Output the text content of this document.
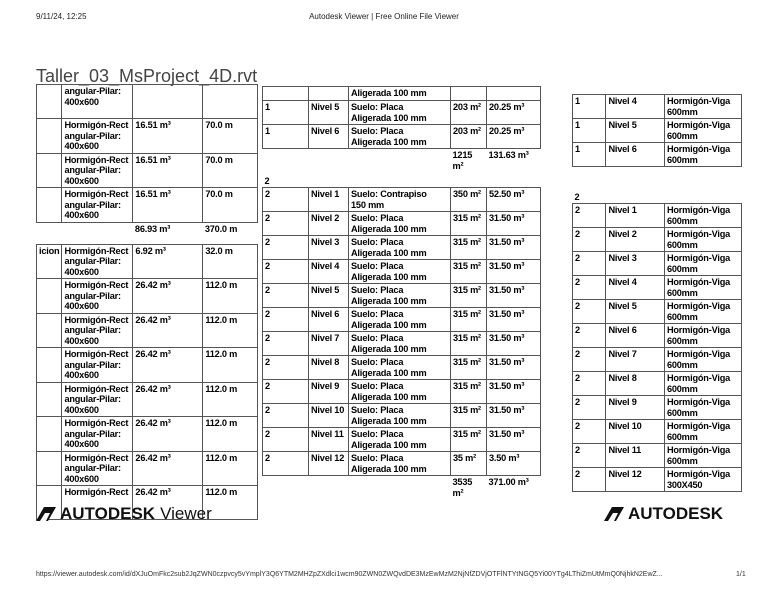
9/11/24, 12:25	Autodesk Viewer | Free Online File Viewer
Taller_03_MsProject_4D.rvt
	angular-Pilar:
400x600		
	Hormigón-Rect
angular-Pilar:
400x600	16.51 m³	70.0 m
	Hormigón-Rect
angular-Pilar:
400x600	16.51 m³	70.0 m
	Hormigón-Rect
angular-Pilar:
400x600	16.51 m³	70.0 m
		86.93 m³	370.0 m
icion	Hormigón-Rect
angular-Pilar:
400x600	6.92 m³	32.0 m
	Hormigón-Rect
angular-Pilar:
400x600	26.42 m³	112.0 m
	Hormigón-Rect
angular-Pilar:
400x600	26.42 m³	112.0 m
	Hormigón-Rect
angular-Pilar:
400x600	26.42 m³	112.0 m
	Hormigón-Rect
angular-Pilar:
400x600	26.42 m³	112.0 m
	Hormigón-Rect
angular-Pilar:
400x600	26.42 m³	112.0 m
	Hormigón-Rect
angular-Pilar:
400x600	26.42 m³	112.0 m
	Hormigón-Rect	26.42 m³	112.0 m
		Aligerada 100 mm		
1	Nivel 5	Suelo: Placa
Aligerada 100 mm	203 m²	20.25 m³
1	Nivel 6	Suelo: Placa
Aligerada 100 mm	203 m²	20.25 m³
			1215
m²	131.63 m³
2				
2	Nivel 1	Suelo: Contrapiso
150 mm	350 m²	52.50 m³
2	Nivel 2	Suelo: Placa
Aligerada 100 mm	315 m²	31.50 m³
2	Nivel 3	Suelo: Placa
Aligerada 100 mm	315 m²	31.50 m³
2	Nivel 4	Suelo: Placa
Aligerada 100 mm	315 m²	31.50 m³
2	Nivel 5	Suelo: Placa
Aligerada 100 mm	315 m²	31.50 m³
2	Nivel 6	Suelo: Placa
Aligerada 100 mm	315 m²	31.50 m³
2	Nivel 7	Suelo: Placa
Aligerada 100 mm	315 m²	31.50 m³
2	Nivel 8	Suelo: Placa
Aligerada 100 mm	315 m²	31.50 m³
2	Nivel 9	Suelo: Placa
Aligerada 100 mm	315 m²	31.50 m³
2	Nivel 10	Suelo: Placa
Aligerada 100 mm	315 m²	31.50 m³
2	Nivel 11	Suelo: Placa
Aligerada 100 mm	315 m²	31.50 m³
2	Nivel 12	Suelo: Placa
Aligerada 100 mm	35 m²	3.50 m³
			3535
m²	371.00 m³
1	Nivel 4	Hormigón-Viga
600mm
1	Nivel 5	Hormigón-Viga
600mm
1	Nivel 6	Hormigón-Viga
600mm

2		
2	Nivel 1	Hormigón-Viga
600mm
2	Nivel 2	Hormigón-Viga
600mm
2	Nivel 3	Hormigón-Viga
600mm
2	Nivel 4	Hormigón-Viga
600mm
2	Nivel 5	Hormigón-Viga
600mm
2	Nivel 6	Hormigón-Viga
600mm
2	Nivel 7	Hormigón-Viga
600mm
2	Nivel 8	Hormigón-Viga
600mm
2	Nivel 9	Hormigón-Viga
600mm
2	Nivel 10	Hormigón-Viga
600mm
2	Nivel 11	Hormigón-Viga
600mm
2	Nivel 12	Hormigón-Viga
300X450
AUTODESK Viewer	AUTODESK
https://viewer.autodesk.com/id/dXJuOmFkc2sub2JqZWN0czpvcy5vYmplY3Q6YTM2MHZpZXdlci1wcm90ZWN0ZWQvdDE3MzEwMzM2NjNfZDVjOTFlNTYtNGQ5Yi00YTg4LThiZmUtMmQ0NjhkN2EwZ...	1/1
